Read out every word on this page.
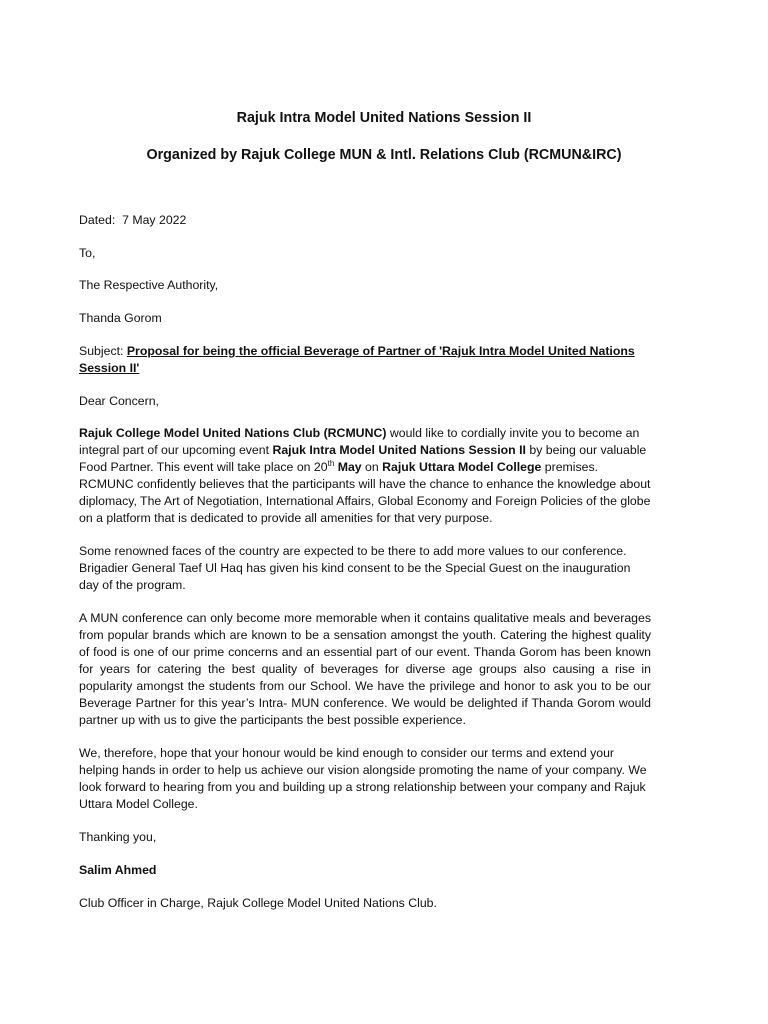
Rajuk Intra Model United Nations Session II
Organized by Rajuk College MUN & Intl. Relations Club (RCMUN&IRC)
Dated: 7 May 2022
To,
The Respective Authority,
Thanda Gorom
Subject: Proposal for being the official Beverage of Partner of 'Rajuk Intra Model United Nations Session II'
Dear Concern,
Rajuk College Model United Nations Club (RCMUNC) would like to cordially invite you to become an integral part of our upcoming event Rajuk Intra Model United Nations Session II by being our valuable Food Partner. This event will take place on 20th May on Rajuk Uttara Model College premises. RCMUNC confidently believes that the participants will have the chance to enhance the knowledge about diplomacy, The Art of Negotiation, International Affairs, Global Economy and Foreign Policies of the globe on a platform that is dedicated to provide all amenities for that very purpose.
Some renowned faces of the country are expected to be there to add more values to our conference. Brigadier General Taef Ul Haq has given his kind consent to be the Special Guest on the inauguration day of the program.
A MUN conference can only become more memorable when it contains qualitative meals and beverages from popular brands which are known to be a sensation amongst the youth. Catering the highest quality of food is one of our prime concerns and an essential part of our event. Thanda Gorom has been known for years for catering the best quality of beverages for diverse age groups also causing a rise in popularity amongst the students from our School. We have the privilege and honor to ask you to be our Beverage Partner for this year’s Intra- MUN conference. We would be delighted if Thanda Gorom would partner up with us to give the participants the best possible experience.
We, therefore, hope that your honour would be kind enough to consider our terms and extend your helping hands in order to help us achieve our vision alongside promoting the name of your company. We look forward to hearing from you and building up a strong relationship between your company and Rajuk Uttara Model College.
Thanking you,
Salim Ahmed
Club Officer in Charge, Rajuk College Model United Nations Club.
